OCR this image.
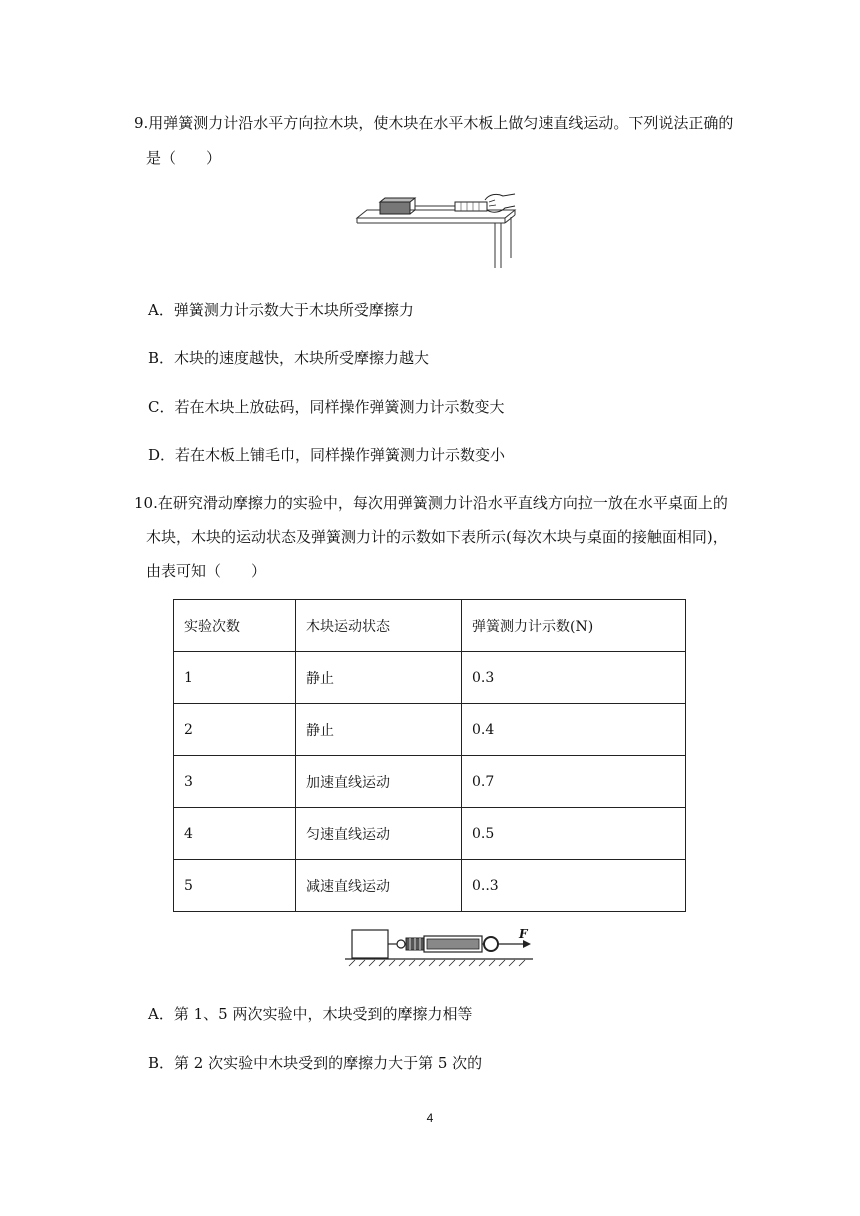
9.用弹簧测力计沿水平方向拉木块，使木块在水平木板上做匀速直线运动。下列说法正确的
是（　　）
A．弹簧测力计示数大于木块所受摩擦力
B．木块的速度越快，木块所受摩擦力越大
C．若在木块上放砝码，同样操作弹簧测力计示数变大
D．若在木板上铺毛巾，同样操作弹簧测力计示数变小
10.在研究滑动摩擦力的实验中，每次用弹簧测力计沿水平直线方向拉一放在水平桌面上的
木块，木块的运动状态及弹簧测力计的示数如下表所示(每次木块与桌面的接触面相同)，
由表可知（　　）
实验次数	木块运动状态	弹簧测力计示数(N)
1	静止	0.3
2	静止	0.4
3	加速直线运动	0.7
4	匀速直线运动	0.5
5	减速直线运动	0..3
F
A．第 1、5 两次实验中，木块受到的摩擦力相等
B．第 2 次实验中木块受到的摩擦力大于第 5 次的
4
